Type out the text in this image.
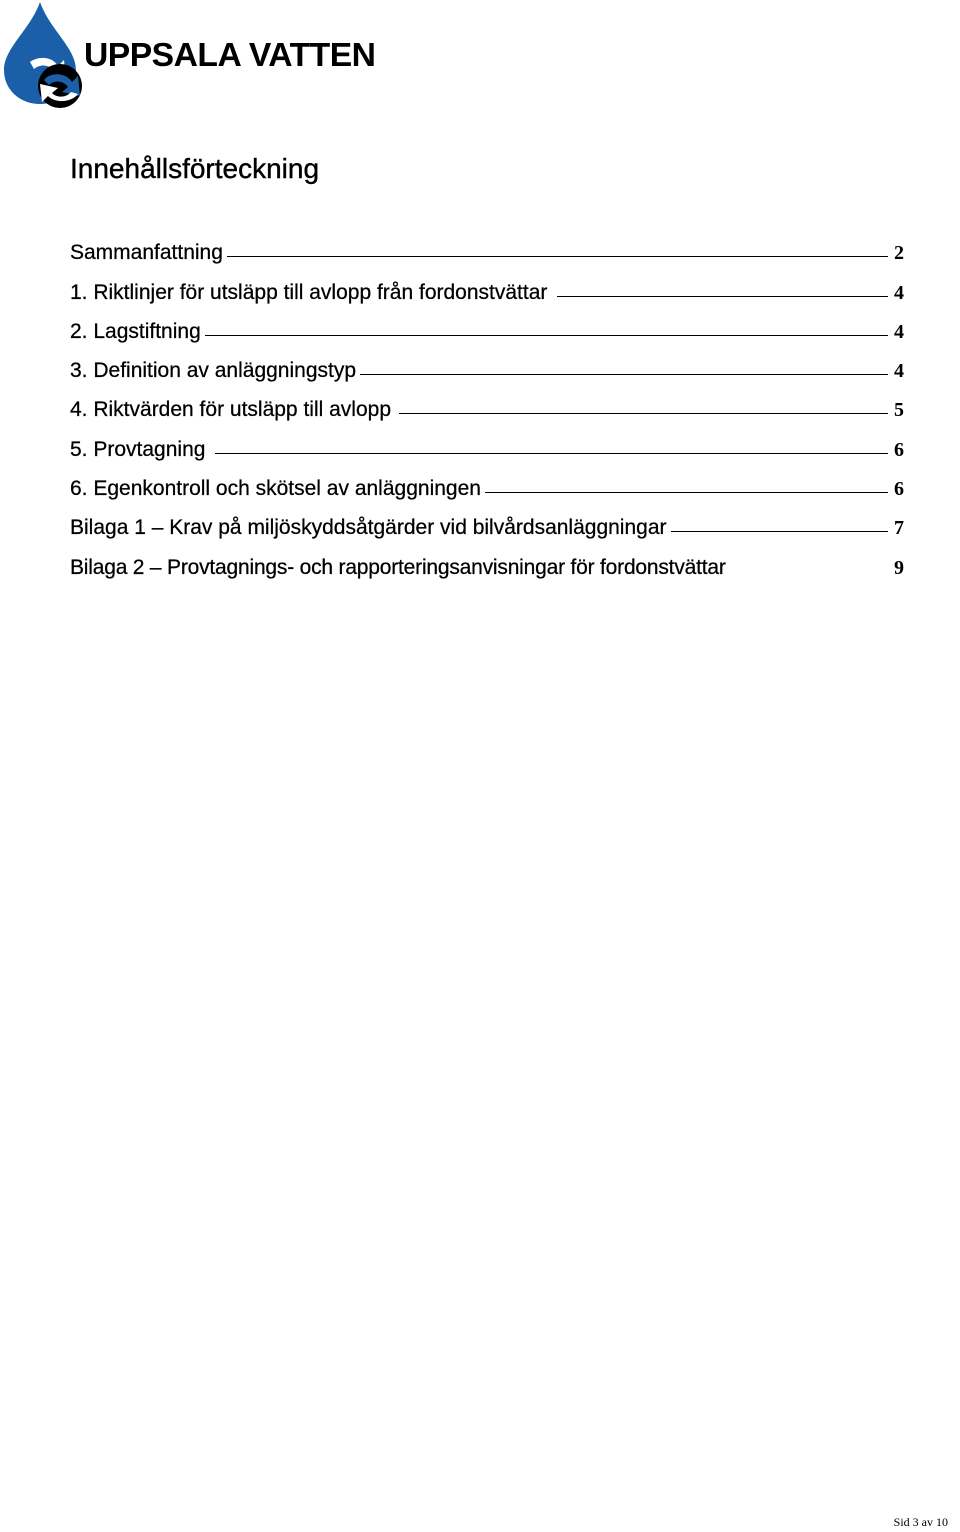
UPPSALA VATTEN
Innehållsförteckning
Sammanfattning	2
1. Riktlinjer för utsläpp till avlopp från fordonstvättar	4
2. Lagstiftning	4
3. Definition av anläggningstyp	4
4. Riktvärden för utsläpp till avlopp	5
5. Provtagning	6
6. Egenkontroll och skötsel av anläggningen	6
Bilaga 1 – Krav på miljöskyddsåtgärder vid bilvårdsanläggningar	7
Bilaga 2 – Provtagnings- och rapporteringsanvisningar för fordonstvättar	9
Sid 3 av 10
